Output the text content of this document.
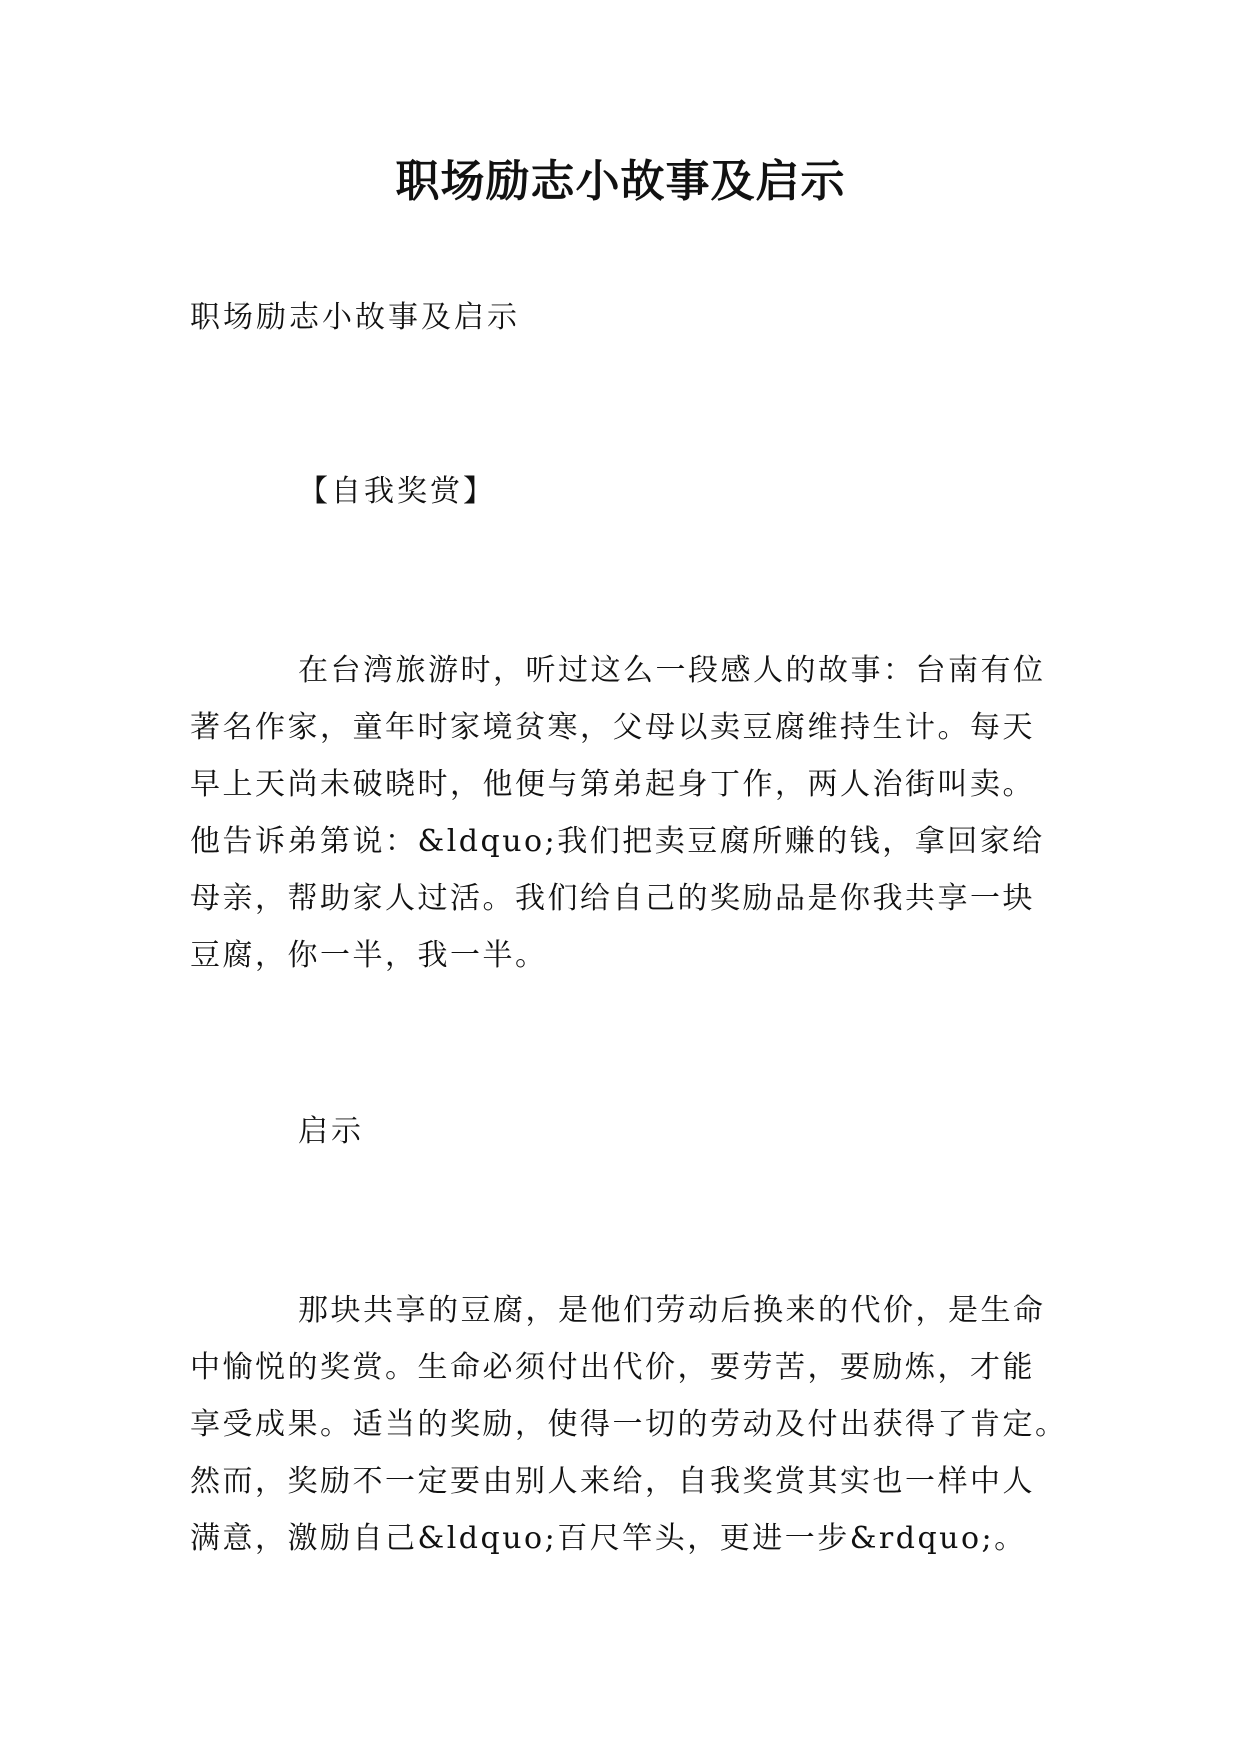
职场励志小故事及启示

职场励志小故事及启示

【自我奖赏】

在台湾旅游时，听过这么一段感人的故事：台南有位
著名作家，童年时家境贫寒，父母以卖豆腐维持生计。每天
早上天尚未破晓时，他便与第弟起身丁作，两人治街叫卖。
他告诉弟第说：&ldquo;我们把卖豆腐所赚的钱，拿回家给
母亲，帮助家人过活。我们给自己的奖励品是你我共享一块
豆腐，你一半，我一半。

启示

那块共享的豆腐，是他们劳动后换来的代价，是生命
中愉悦的奖赏。生命必须付出代价，要劳苦，要励炼，才能
享受成果。适当的奖励，使得一切的劳动及付出获得了肯定。
然而，奖励不一定要由别人来给，自我奖赏其实也一样中人
满意，激励自己&ldquo;百尺竿头，更进一步&rdquo;。
